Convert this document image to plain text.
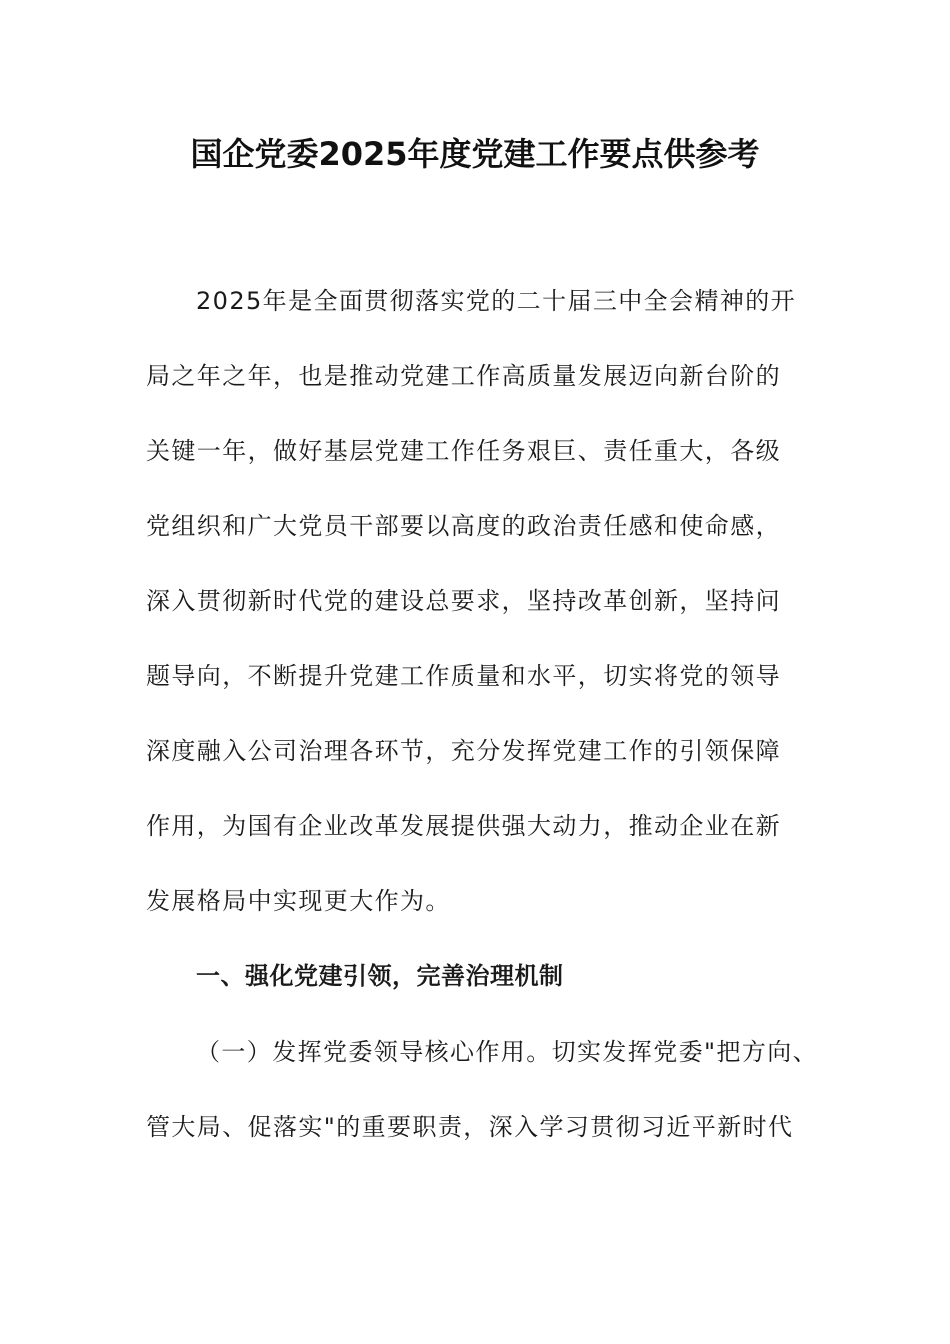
国企党委2025年度党建工作要点供参考
2025年是全面贯彻落实党的二十届三中全会精神的开
局之年之年，也是推动党建工作高质量发展迈向新台阶的
关键一年，做好基层党建工作任务艰巨、责任重大，各级
党组织和广大党员干部要以高度的政治责任感和使命感，
深入贯彻新时代党的建设总要求，坚持改革创新，坚持问
题导向，不断提升党建工作质量和水平，切实将党的领导
深度融入公司治理各环节，充分发挥党建工作的引领保障
作用，为国有企业改革发展提供强大动力，推动企业在新
发展格局中实现更大作为。
一、强化党建引领，完善治理机制
（一）发挥党委领导核心作用。切实发挥党委"把方向、
管大局、促落实"的重要职责，深入学习贯彻习近平新时代
